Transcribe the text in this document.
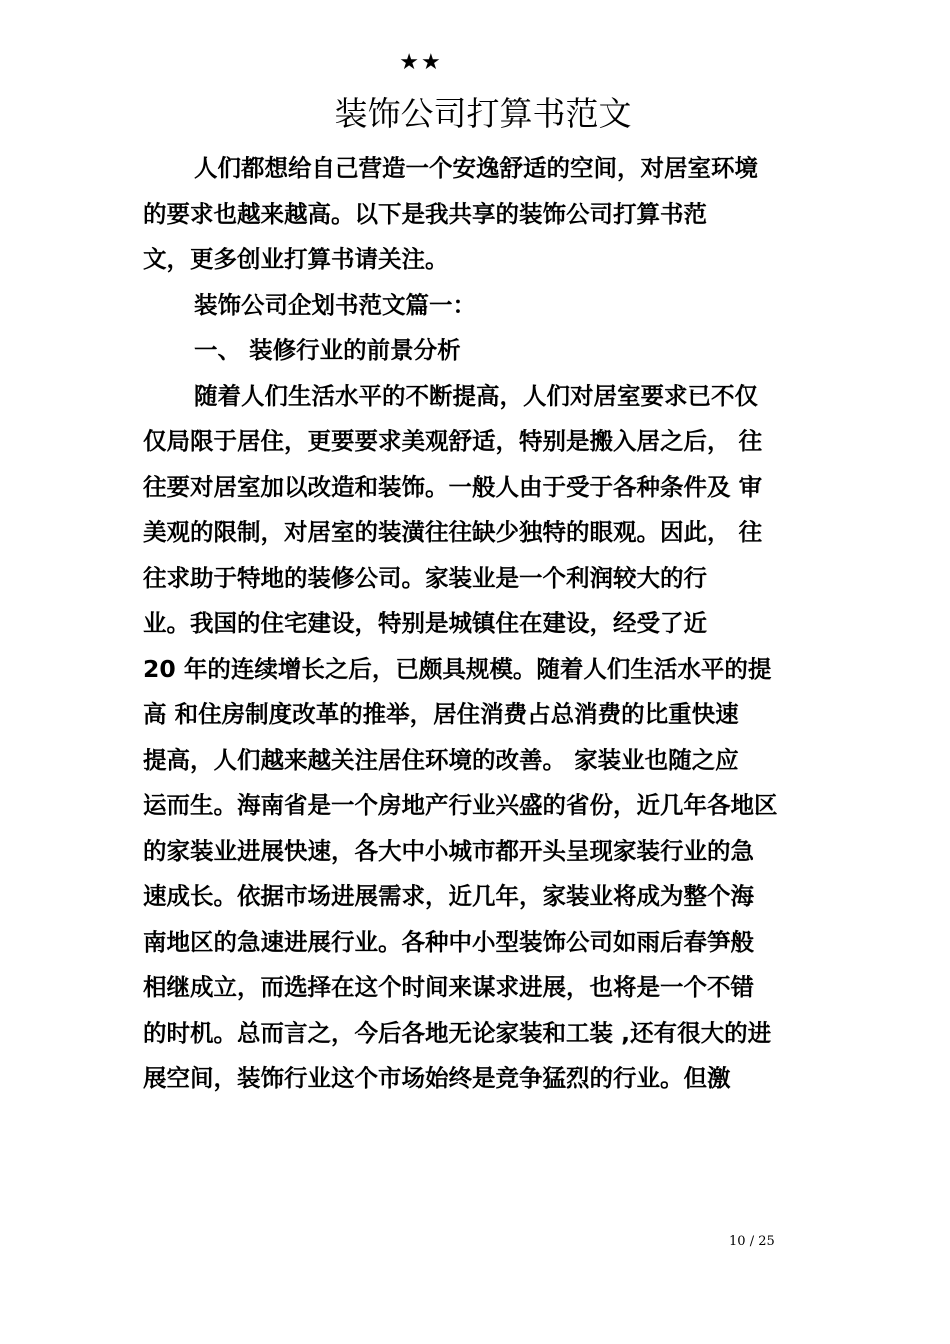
★★
装饰公司打算书范文
人们都想给自己营造一个安逸舒适的空间，对居室环境
的要求也越来越高。以下是我共享的装饰公司打算书范
文，更多创业打算书请关注。
装饰公司企划书范文篇一：
一、 装修行业的前景分析
随着人们生活水平的不断提高，人们对居室要求已不仅
仅局限于居住，更要要求美观舒适，特别是搬入居之后， 往
往要对居室加以改造和装饰。一般人由于受于各种条件及 审
美观的限制，对居室的装潢往往缺少独特的眼观。因此， 往
往求助于特地的装修公司。家装业是一个利润较大的行
业。我国的住宅建设，特别是城镇住在建设，经受了近
20 年的连续增长之后，已颇具规模。随着人们生活水平的提
高 和住房制度改革的推举，居住消费占总消费的比重快速
提高，人们越来越关注居住环境的改善。 家装业也随之应
运而生。海南省是一个房地产行业兴盛的省份，近几年各地区
的家装业进展快速，各大中小城市都开头呈现家装行业的急
速成长。依据市场进展需求，近几年，家装业将成为整个海
南地区的急速进展行业。各种中小型装饰公司如雨后春笋般
相继成立，而选择在这个时间来谋求进展，也将是一个不错
的时机。总而言之，今后各地无论家装和工装 ,还有很大的进
展空间，装饰行业这个市场始终是竞争猛烈的行业。但激
10 / 25
